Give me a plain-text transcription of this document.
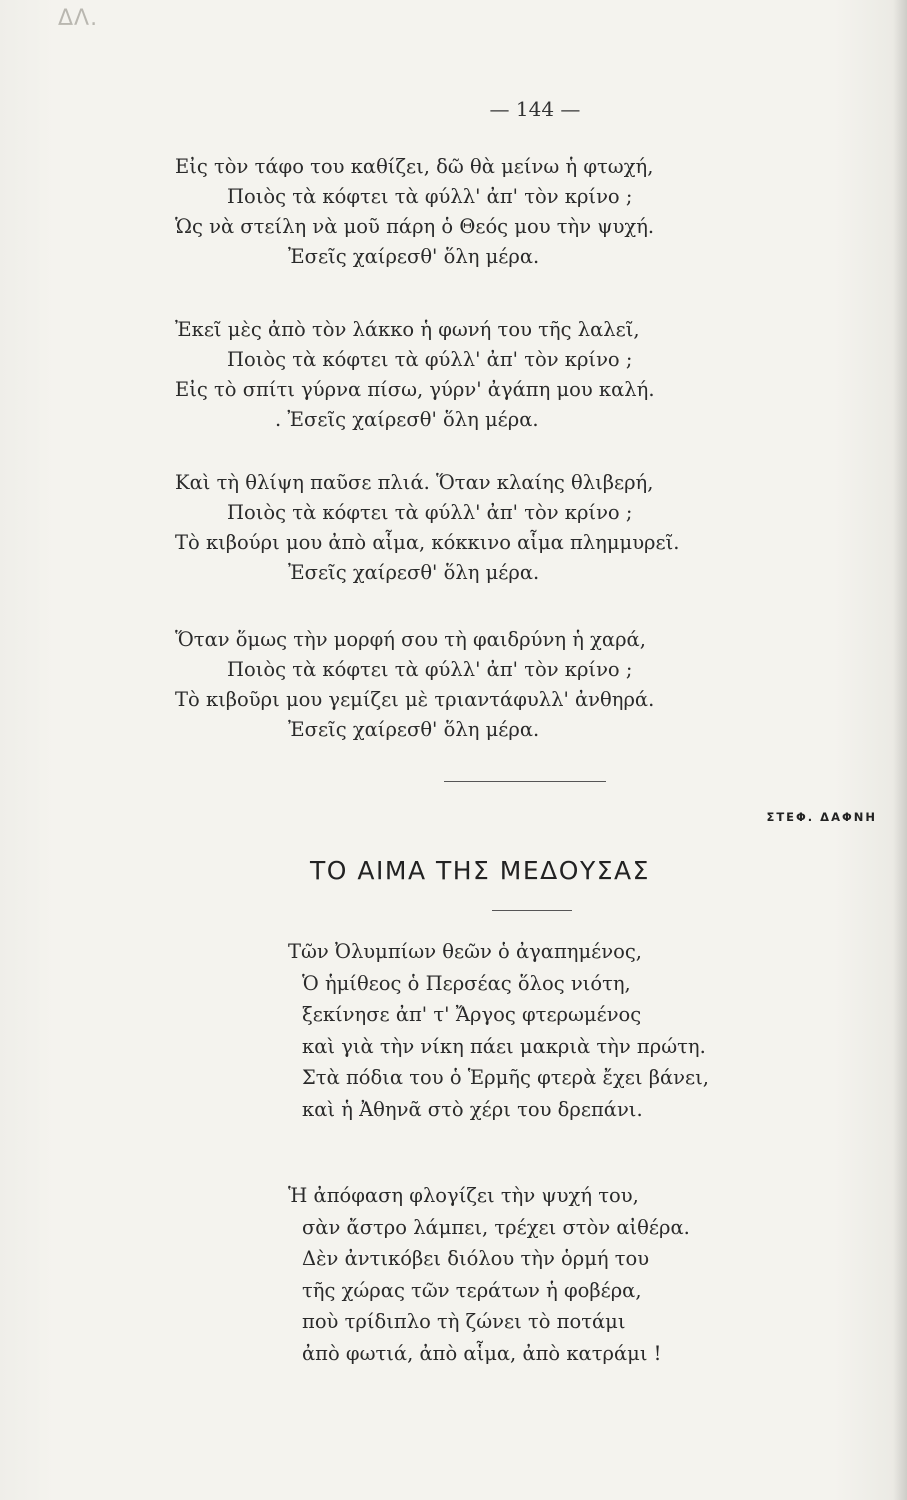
ΔΛ.
— 144 —
Εἰς τὸν τάφο του καθίζει, δῶ θὰ μείνω ἡ φτωχή,
Ποιὸς τὰ κόφτει τὰ φύλλ' ἀπ' τὸν κρίνο ;
Ὡς νὰ στείλη νὰ μοῦ πάρη ὁ Θεός μου τὴν ψυχή.
Ἐσεῖς χαίρεσθ' ὅλη μέρα.
Ἐκεῖ μὲς ἀπὸ τὸν λάκκο ἡ φωνή του τῆς λαλεῖ,
Ποιὸς τὰ κόφτει τὰ φύλλ' ἀπ' τὸν κρίνο ;
Εἰς τὸ σπίτι γύρνα πίσω, γύρν' ἀγάπη μου καλή.
. Ἐσεῖς χαίρεσθ' ὅλη μέρα.
Καὶ τὴ θλίψη παῦσε πλιά. Ὅταν κλαίης θλιβερή,
Ποιὸς τὰ κόφτει τὰ φύλλ' ἀπ' τὸν κρίνο ;
Τὸ κιβούρι μου ἀπὸ αἷμα, κόκκινο αἷμα πλημμυρεῖ.
Ἐσεῖς χαίρεσθ' ὅλη μέρα.
Ὅταν ὅμως τὴν μορφή σου τὴ φαιδρύνη ἡ χαρά,
Ποιὸς τὰ κόφτει τὰ φύλλ' ἀπ' τὸν κρίνο ;
Τὸ κιβοῦρι μου γεμίζει μὲ τριαντάφυλλ' ἀνθηρά.
Ἐσεῖς χαίρεσθ' ὅλη μέρα.
ΣΤΕΦ. ΔΑΦΝΗ
ΤΟ ΑΙΜΑ ΤΗΣ ΜΕΔΟΥΣΑΣ
Τῶν Ὀλυμπίων θεῶν ὁ ἀγαπημένος,
Ὁ ἡμίθεος ὁ Περσέας ὅλος νιότη,
ξεκίνησε ἀπ' τ' Ἄργος φτερωμένος
καὶ γιὰ τὴν νίκη πάει μακριὰ τὴν πρώτη.
Στὰ πόδια του ὁ Ἑρμῆς φτερὰ ἔχει βάνει,
καὶ ἡ Ἀθηνᾶ στὸ χέρι του δρεπάνι.
Ἡ ἀπόφαση φλογίζει τὴν ψυχή του,
σὰν ἄστρο λάμπει, τρέχει στὸν αἰθέρα.
Δὲν ἀντικόβει διόλου τὴν ὁρμή του
τῆς χώρας τῶν τεράτων ἡ φοβέρα,
ποὺ τρίδιπλο τὴ ζώνει τὸ ποτάμι
ἀπὸ φωτιά, ἀπὸ αἷμα, ἀπὸ κατράμι !
